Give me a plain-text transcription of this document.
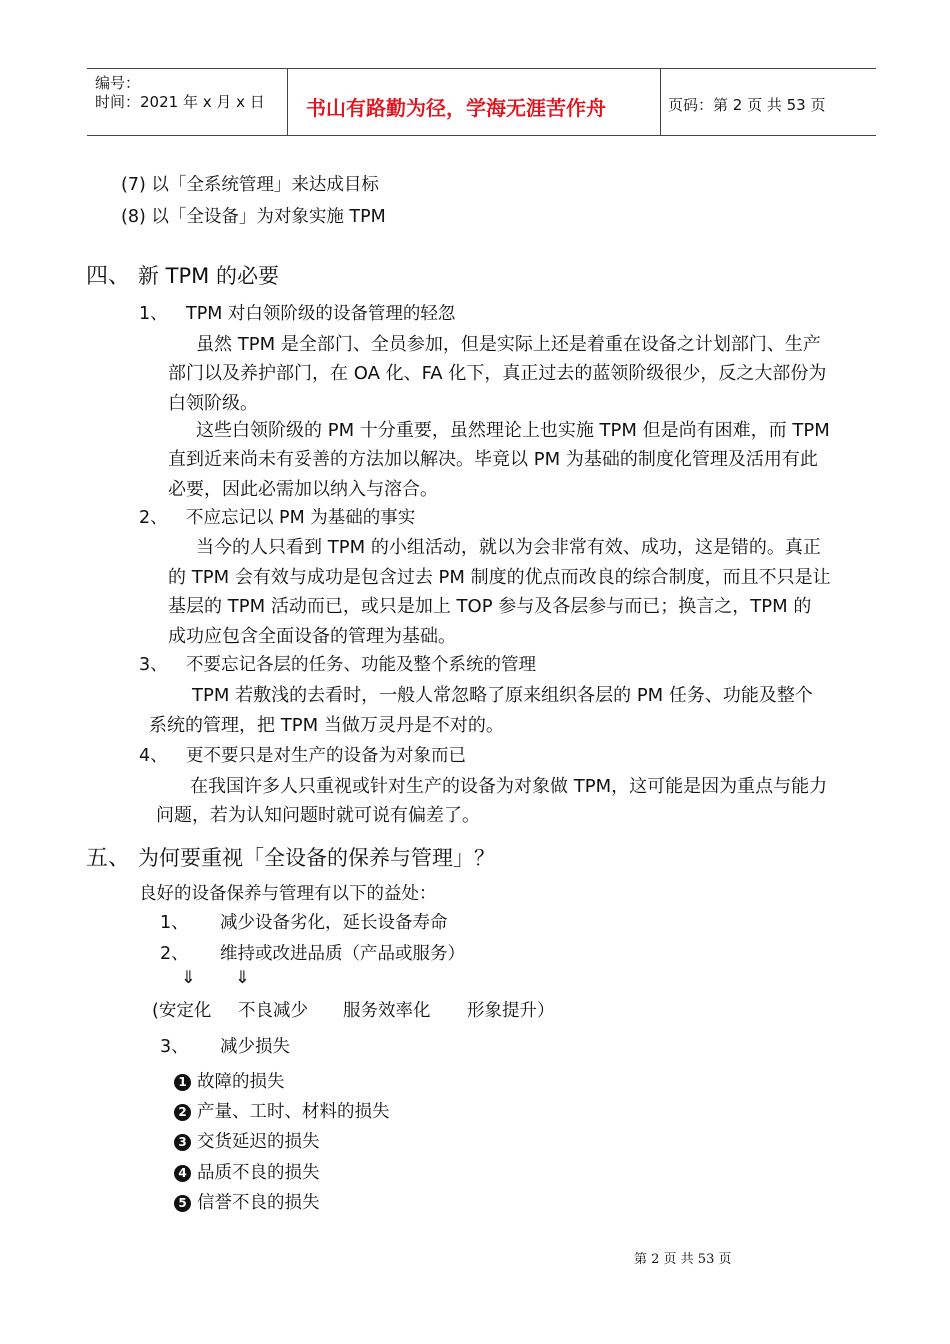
编号：
时间：2021 年 x 月 x 日 书山有路勤为径，学海无涯苦作舟	页码：第 2 页 共 53 页
(7) 以「全系统管理」来达成目标
(8) 以「全设备」为对象实施 TPM
四、 新 TPM 的必要
1、 TPM 对白领阶级的设备管理的轻忽
虽然 TPM 是全部门、全员参加，但是实际上还是着重在设备之计划部门、生产
部门以及养护部门，在 OA 化、FA 化下，真正过去的蓝领阶级很少，反之大部份为
白领阶级。
这些白领阶级的 PM 十分重要，虽然理论上也实施 TPM 但是尚有困难，而 TPM
直到近来尚未有妥善的方法加以解决。毕竟以 PM 为基础的制度化管理及活用有此
必要，因此必需加以纳入与溶合。
2、 不应忘记以 PM 为基础的事实
当今的人只看到 TPM 的小组活动，就以为会非常有效、成功，这是错的。真正
的 TPM 会有效与成功是包含过去 PM 制度的优点而改良的综合制度，而且不只是让
基层的 TPM 活动而已，或只是加上 TOP 参与及各层参与而已；换言之，TPM 的
成功应包含全面设备的管理为基础。
3、 不要忘记各层的任务、功能及整个系统的管理
TPM 若敷浅的去看时，一般人常忽略了原来组织各层的 PM 任务、功能及整个
系统的管理，把 TPM 当做万灵丹是不对的。
4、 更不要只是对生产的设备为对象而已
在我国许多人只重视或针对生产的设备为对象做 TPM，这可能是因为重点与能力
问题，若为认知问题时就可说有偏差了。
五、 为何要重视「全设备的保养与管理」？
良好的设备保养与管理有以下的益处：
1、 减少设备劣化，延长设备寿命
2、 维持或改进品质（产品或服务）
⇓ ⇓
(安定化 不良减少 服务效率化 形象提升）
3、 减少损失
1 故障的损失
2 产量、工时、材料的损失
3 交货延迟的损失
4 品质不良的损失
5 信誉不良的损失
第 2 页 共 53 页
